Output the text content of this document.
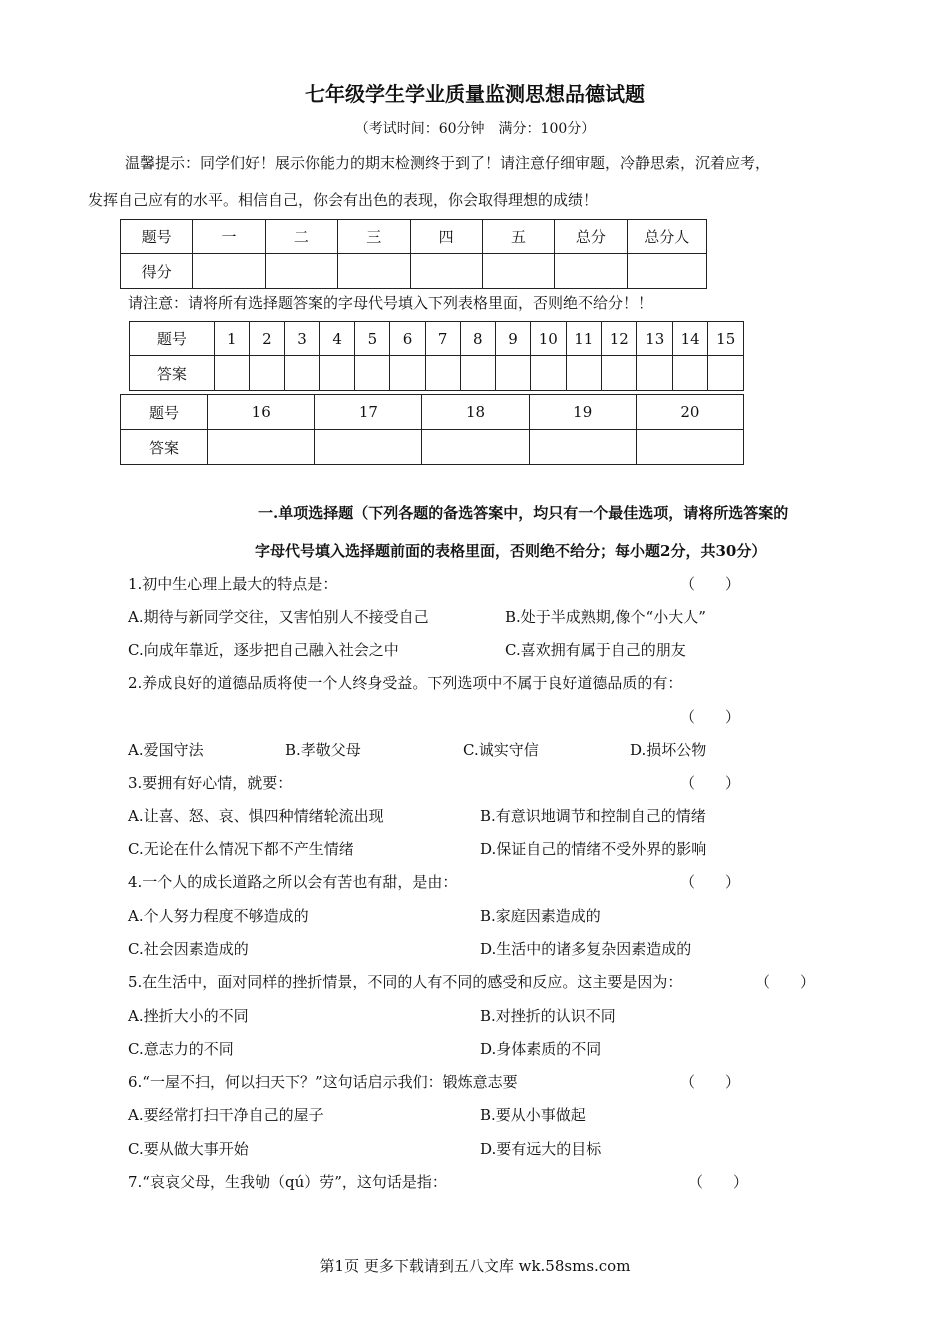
七年级学生学业质量监测思想品德试题
（考试时间：60分钟　满分：100分）
温馨提示：同学们好！展示你能力的期末检测终于到了！请注意仔细审题，冷静思索，沉着应考，
发挥自己应有的水平。相信自己，你会有出色的表现，你会取得理想的成绩！
题号	一	二	三	四	五	总分	总分人
得分							
请注意：请将所有选择题答案的字母代号填入下列表格里面，否则绝不给分！！
题号	1	2	3	4	5	6	7	8	9	10	11	12	13	14	15
答案															
题号	16	17	18	19	20
答案					
一.单项选择题（下列各题的备选答案中，均只有一个最佳选项，请将所选答案的
字母代号填入选择题前面的表格里面，否则绝不给分；每小题2分，共30分）
1.初中生心理上最大的特点是：	（　　）
A.期待与新同学交往，又害怕别人不接受自己	B.处于半成熟期,像个“小大人”
C.向成年靠近，逐步把自己融入社会之中	C.喜欢拥有属于自己的朋友
2.养成良好的道德品质将使一个人终身受益。下列选项中不属于良好道德品质的有：
（　　）
A.爱国守法	B.孝敬父母	C.诚实守信	D.损坏公物
3.要拥有好心情，就要：	（　　）
A.让喜、怒、哀、惧四种情绪轮流出现	B.有意识地调节和控制自己的情绪
C.无论在什么情况下都不产生情绪	D.保证自己的情绪不受外界的影响
4.一个人的成长道路之所以会有苦也有甜，是由：	（　　）
A.个人努力程度不够造成的	B.家庭因素造成的
C.社会因素造成的	D.生活中的诸多复杂因素造成的
5.在生活中，面对同样的挫折情景，不同的人有不同的感受和反应。这主要是因为：	（　　）
A.挫折大小的不同	B.对挫折的认识不同
C.意志力的不同	D.身体素质的不同
6.“一屋不扫，何以扫天下？”这句话启示我们：锻炼意志要	（　　）
A.要经常打扫干净自己的屋子	B.要从小事做起
C.要从做大事开始	D.要有远大的目标
7.“哀哀父母，生我劬（qú）劳”，这句话是指：	（　　）
第1页 更多下载请到五八文库 wk.58sms.com
